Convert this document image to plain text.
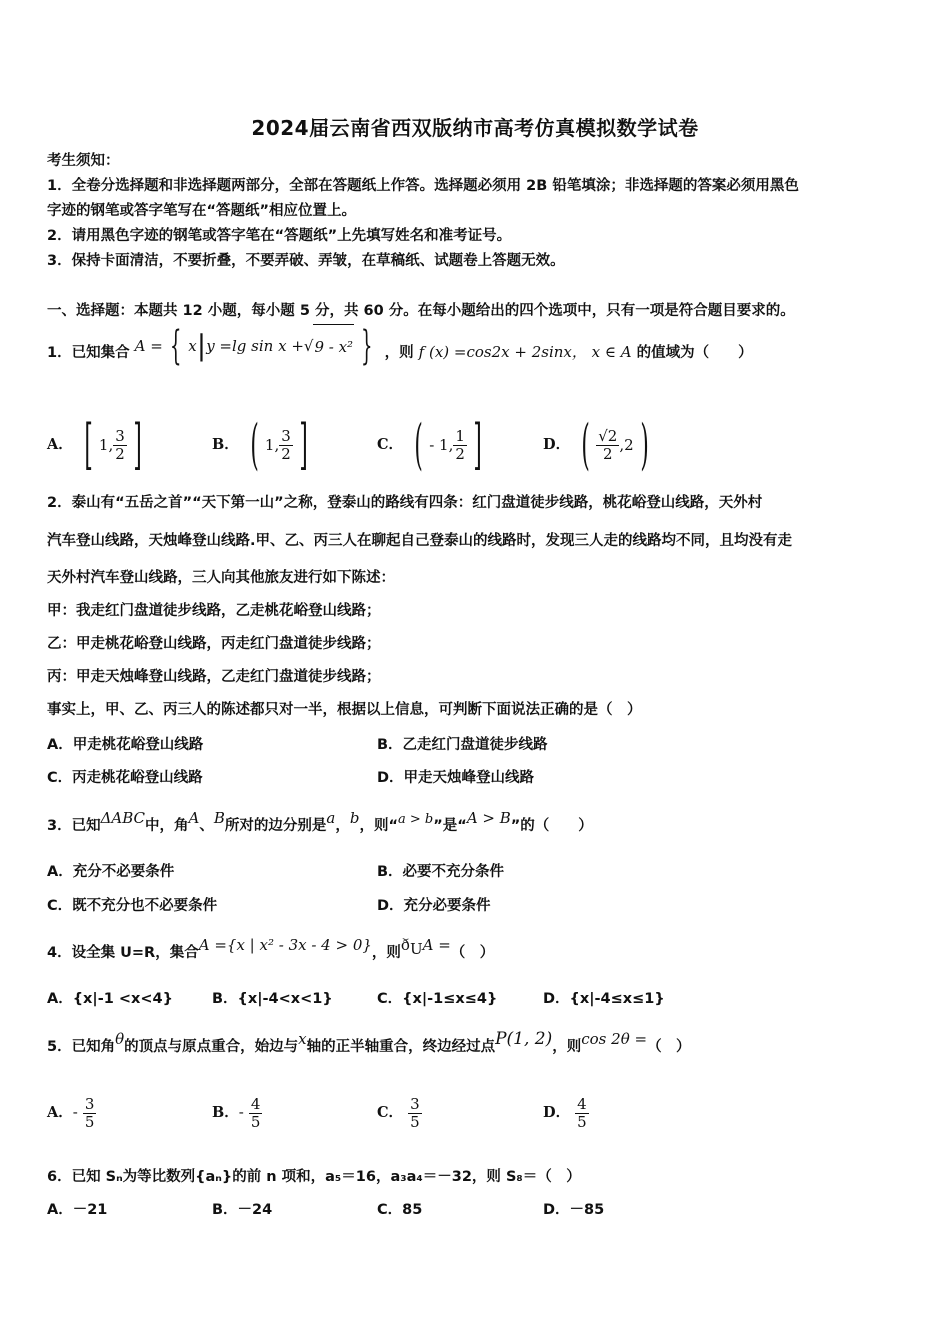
2024届云南省西双版纳市高考仿真模拟数学试卷
考生须知：
1．全卷分选择题和非选择题两部分，全部在答题纸上作答。选择题必须用 2B 铅笔填涂；非选择题的答案必须用黑色
字迹的钢笔或答字笔写在“答题纸”相应位置上。
2．请用黑色字迹的钢笔或答字笔在“答题纸”上先填写姓名和准考证号。
3．保持卡面清洁，不要折叠，不要弄破、弄皱，在草稿纸、试题卷上答题无效。
一、选择题：本题共 12 小题，每小题 5 分，共 60 分。在每小题给出的四个选项中，只有一项是符合题目要求的。
1．已知集合 A = { x | y =lg sin x + √ 9 - x² } ，则 f (x) =cos2x + 2sinx， x ∈ A 的值域为（　　）
A． [ 1, $\frac{3}{2}$ ]	B． ( 1, $\frac{3}{2}$ ]	C． ( - 1, $\frac{1}{2}$ ]	D． ( $\frac{√2}{2} ,2$ )
2．泰山有“五岳之首”“天下第一山”之称，登泰山的路线有四条：红门盘道徒步线路，桃花峪登山线路，天外村
汽车登山线路，天烛峰登山线路.甲、乙、丙三人在聊起自己登泰山的线路时，发现三人走的线路均不同，且均没有走
天外村汽车登山线路，三人向其他旅友进行如下陈述：
甲：我走红门盘道徒步线路，乙走桃花峪登山线路；
乙：甲走桃花峪登山线路，丙走红门盘道徒步线路；
丙：甲走天烛峰登山线路，乙走红门盘道徒步线路；
事实上，甲、乙、丙三人的陈述都只对一半，根据以上信息，可判断下面说法正确的是（　）
A．甲走桃花峪登山线路	B．乙走红门盘道徒步线路
C．丙走桃花峪登山线路	D．甲走天烛峰登山线路
3．已知ΔABC中，角A、B所对的边分别是a，b，则“a > b”是“A > B”的（　　）
A．充分不必要条件	B．必要不充分条件
C．既不充分也不必要条件	D．充分必要条件
4．设全集 U=R，集合A ={x | x² - 3x - 4 > 0}，则$ð_UA$ =（　）
A．{x|-1 <x<4}	B．{x|-4<x<1}	C．{x|-1≤x≤4}	D．{x|-4≤x≤1}
5．已知角θ的顶点与原点重合，始边与x轴的正半轴重合，终边经过点P(1, 2)，则cos 2θ =（　）
A．- $\frac{3}{5}$	B．- $\frac{4}{5}$	C． $\frac{3}{5}$	D． $\frac{4}{5}$
6．已知 Sₙ为等比数列{aₙ}的前 n 项和，a₅＝16，a₃a₄＝－32，则 S₈＝（　）
A．－21	B．－24	C．85	D．－85
